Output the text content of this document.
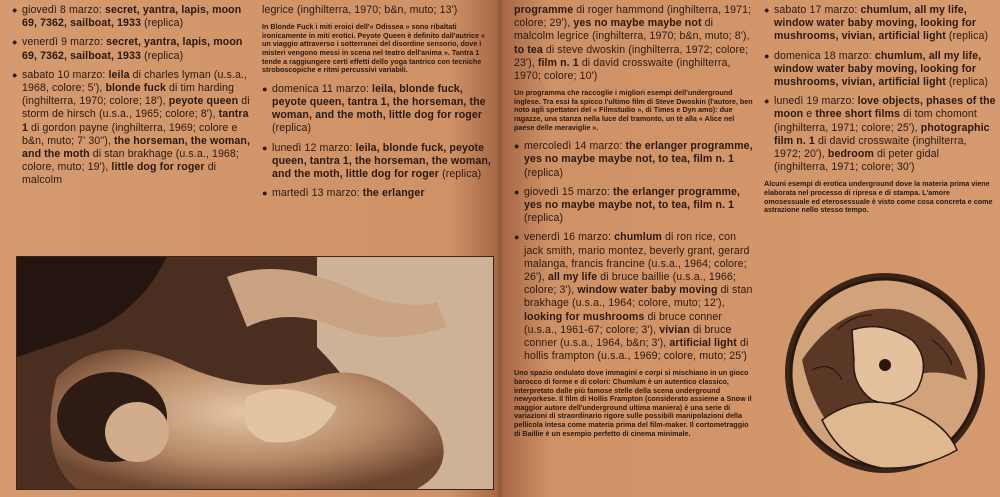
● giovedì 8 marzo: secret, yantra, lapis, moon 69, 7362, sailboat, 1933 (replica)
● venerdì 9 marzo: secret, yantra, lapis, moon 69, 7362, sailboat, 1933 (replica)
● sabato 10 marzo: leila di charles lyman (u.s.a., 1968, colore; 5'), blonde fuck di tim harding (inghilterra, 1970; colore; 18'), peyote queen di storm de hirsch (u.s.a., 1965; colore; 8'), tantra 1 di gordon payne (inghilterra, 1969; colore e b&n, muto; 7' 30"), the horseman, the woman, and the moth di stan brakhage (u.s.a., 1968; colore, muto; 19'), little dog for roger di malcolm
legrice (inghilterra, 1970; b&n, muto; 13')
In Blonde Fuck i miti eroici dell'« Odissea » sono ribaltati ironicamente in miti erotici. Peyote Queen è definito dall'autrice « un viaggio attraverso i sotterranei del disordine sensorio, dove i misteri vengono messi in scena nel teatro dell'anima ». Tantra 1 tende a raggiungere certi effetti dello yoga tantrico con tecniche stroboscopiche e ritmi percussivi variabili.
● domenica 11 marzo: leila, blonde fuck, peyote queen, tantra 1, the horseman, the woman, and the moth, little dog for roger (replica)
● lunedì 12 marzo: leila, blonde fuck, peyote queen, tantra 1, the horseman, the woman, and the moth, little dog for roger (replica)
● martedì 13 marzo: the erlanger
programme di roger hammond (inghilterra, 1971; colore; 29'), yes no maybe maybe not di malcolm legrice (inghilterra, 1970; b&n, muto; 8'), to tea di steve dwoskin (inghilterra, 1972; colore; 23'), film n. 1 di david crosswaite (inghilterra, 1970; colore; 10')
Un programma che raccoglie i migliori esempi dell'underground inglese. Tra essi fa spicco l'ultimo film di Steve Dwoskin (l'autore, ben noto agli spettatori del « Filmstudio », di Times e Dyn amo): due ragazze, una stanza nella luce del tramonto, un tè alla « Alice nel paese delle meraviglie ».
● mercoledì 14 marzo: the erlanger programme, yes no maybe maybe not, to tea, film n. 1 (replica)
● giovedì 15 marzo: the erlanger programme, yes no maybe maybe not, to tea, film n. 1 (replica)
● venerdì 16 marzo: chumlum di ron rice, con jack smith, mario montez, beverly grant, gerard malanga, francis francine (u.s.a., 1964; colore; 26'), all my life di bruce baillie (u.s.a., 1966; colore; 3'), window water baby moving di stan brakhage (u.s.a., 1964; colore, muto; 12'), looking for mushrooms di bruce conner (u.s.a., 1961-67; colore; 3'), vivian di bruce conner (u.s.a., 1964, b&n; 3'), artificial light di hollis frampton (u.s.a., 1969; colore, muto; 25')
Uno spazio ondulato dove immagini e corpi si mischiano in un gioco barocco di forme e di colori: Chumlum è un autentico classico, interpretato dalle più famose stelle della scena underground newyorkese. Il film di Hollis Frampton (considerato assieme a Snow il maggior autore dell'underground ultima maniera) è una serie di variazioni di straordinario rigore sulle possibili manipolazioni della pellicola intesa come materia prima del film-maker. Il cortometraggio di Baillie è un esempio perfetto di cinema minimale.
● sabato 17 marzo: chumlum, all my life, window water baby moving, looking for mushrooms, vivian, artificial light (replica)
● domenica 18 marzo: chumlum, all my life, window water baby moving, looking for mushrooms, vivian, artificial light (replica)
● lunedì 19 marzo: love objects, phases of the moon e three short films di tom chomont (inghilterra, 1971; colore; 25'), photographic film n. 1 di david crosswaite (inghilterra, 1972; 20'), bedroom di peter gidal (inghilterra, 1971; colore; 30')
Alcuni esempi di erotica underground dove la materia prima viene elaborata nel processo di ripresa e di stampa. L'amore omosessuale ed eterosessuale è visto come cosa concreta e come astrazione nello stesso tempo.
